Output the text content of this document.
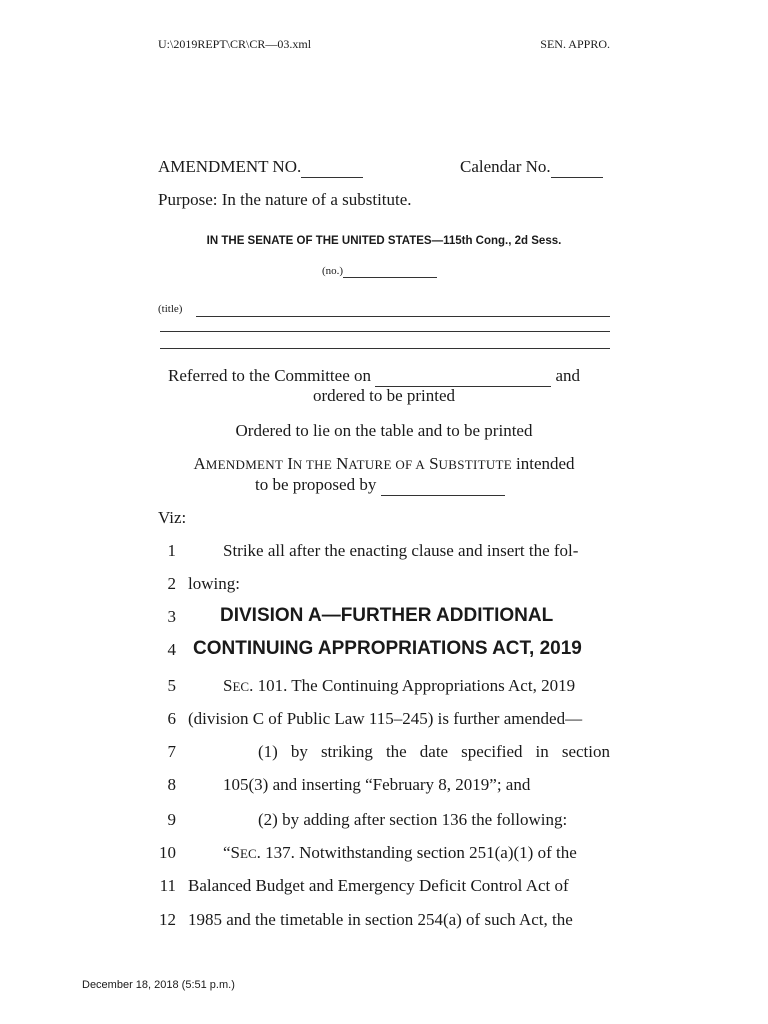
U:\2019REPT\CR\CR—03.xml	SEN. APPRO.
AMENDMENT NO.	Calendar No.
Purpose: In the nature of a substitute.
IN THE SENATE OF THE UNITED STATES—115th Cong., 2d Sess.
(no.)
(title)
Referred to the Committee on	and
ordered to be printed
Ordered to lie on the table and to be printed
AMENDMENT IN THE NATURE OF A SUBSTITUTE intended
to be proposed by
Viz:
1	Strike all after the enacting clause and insert the fol-
2 lowing:
3 DIVISION A—FURTHER ADDITIONAL
4 CONTINUING APPROPRIATIONS ACT, 2019
5	SEC. 101. The Continuing Appropriations Act, 2019
6 (division C of Public Law 115–245) is further amended—
7	(1) by striking the date specified in section
8	105(3) and inserting “February 8, 2019”; and
9	(2) by adding after section 136 the following:
10	“SEC. 137. Notwithstanding section 251(a)(1) of the
11 Balanced Budget and Emergency Deficit Control Act of
12 1985 and the timetable in section 254(a) of such Act, the
December 18, 2018 (5:51 p.m.)
